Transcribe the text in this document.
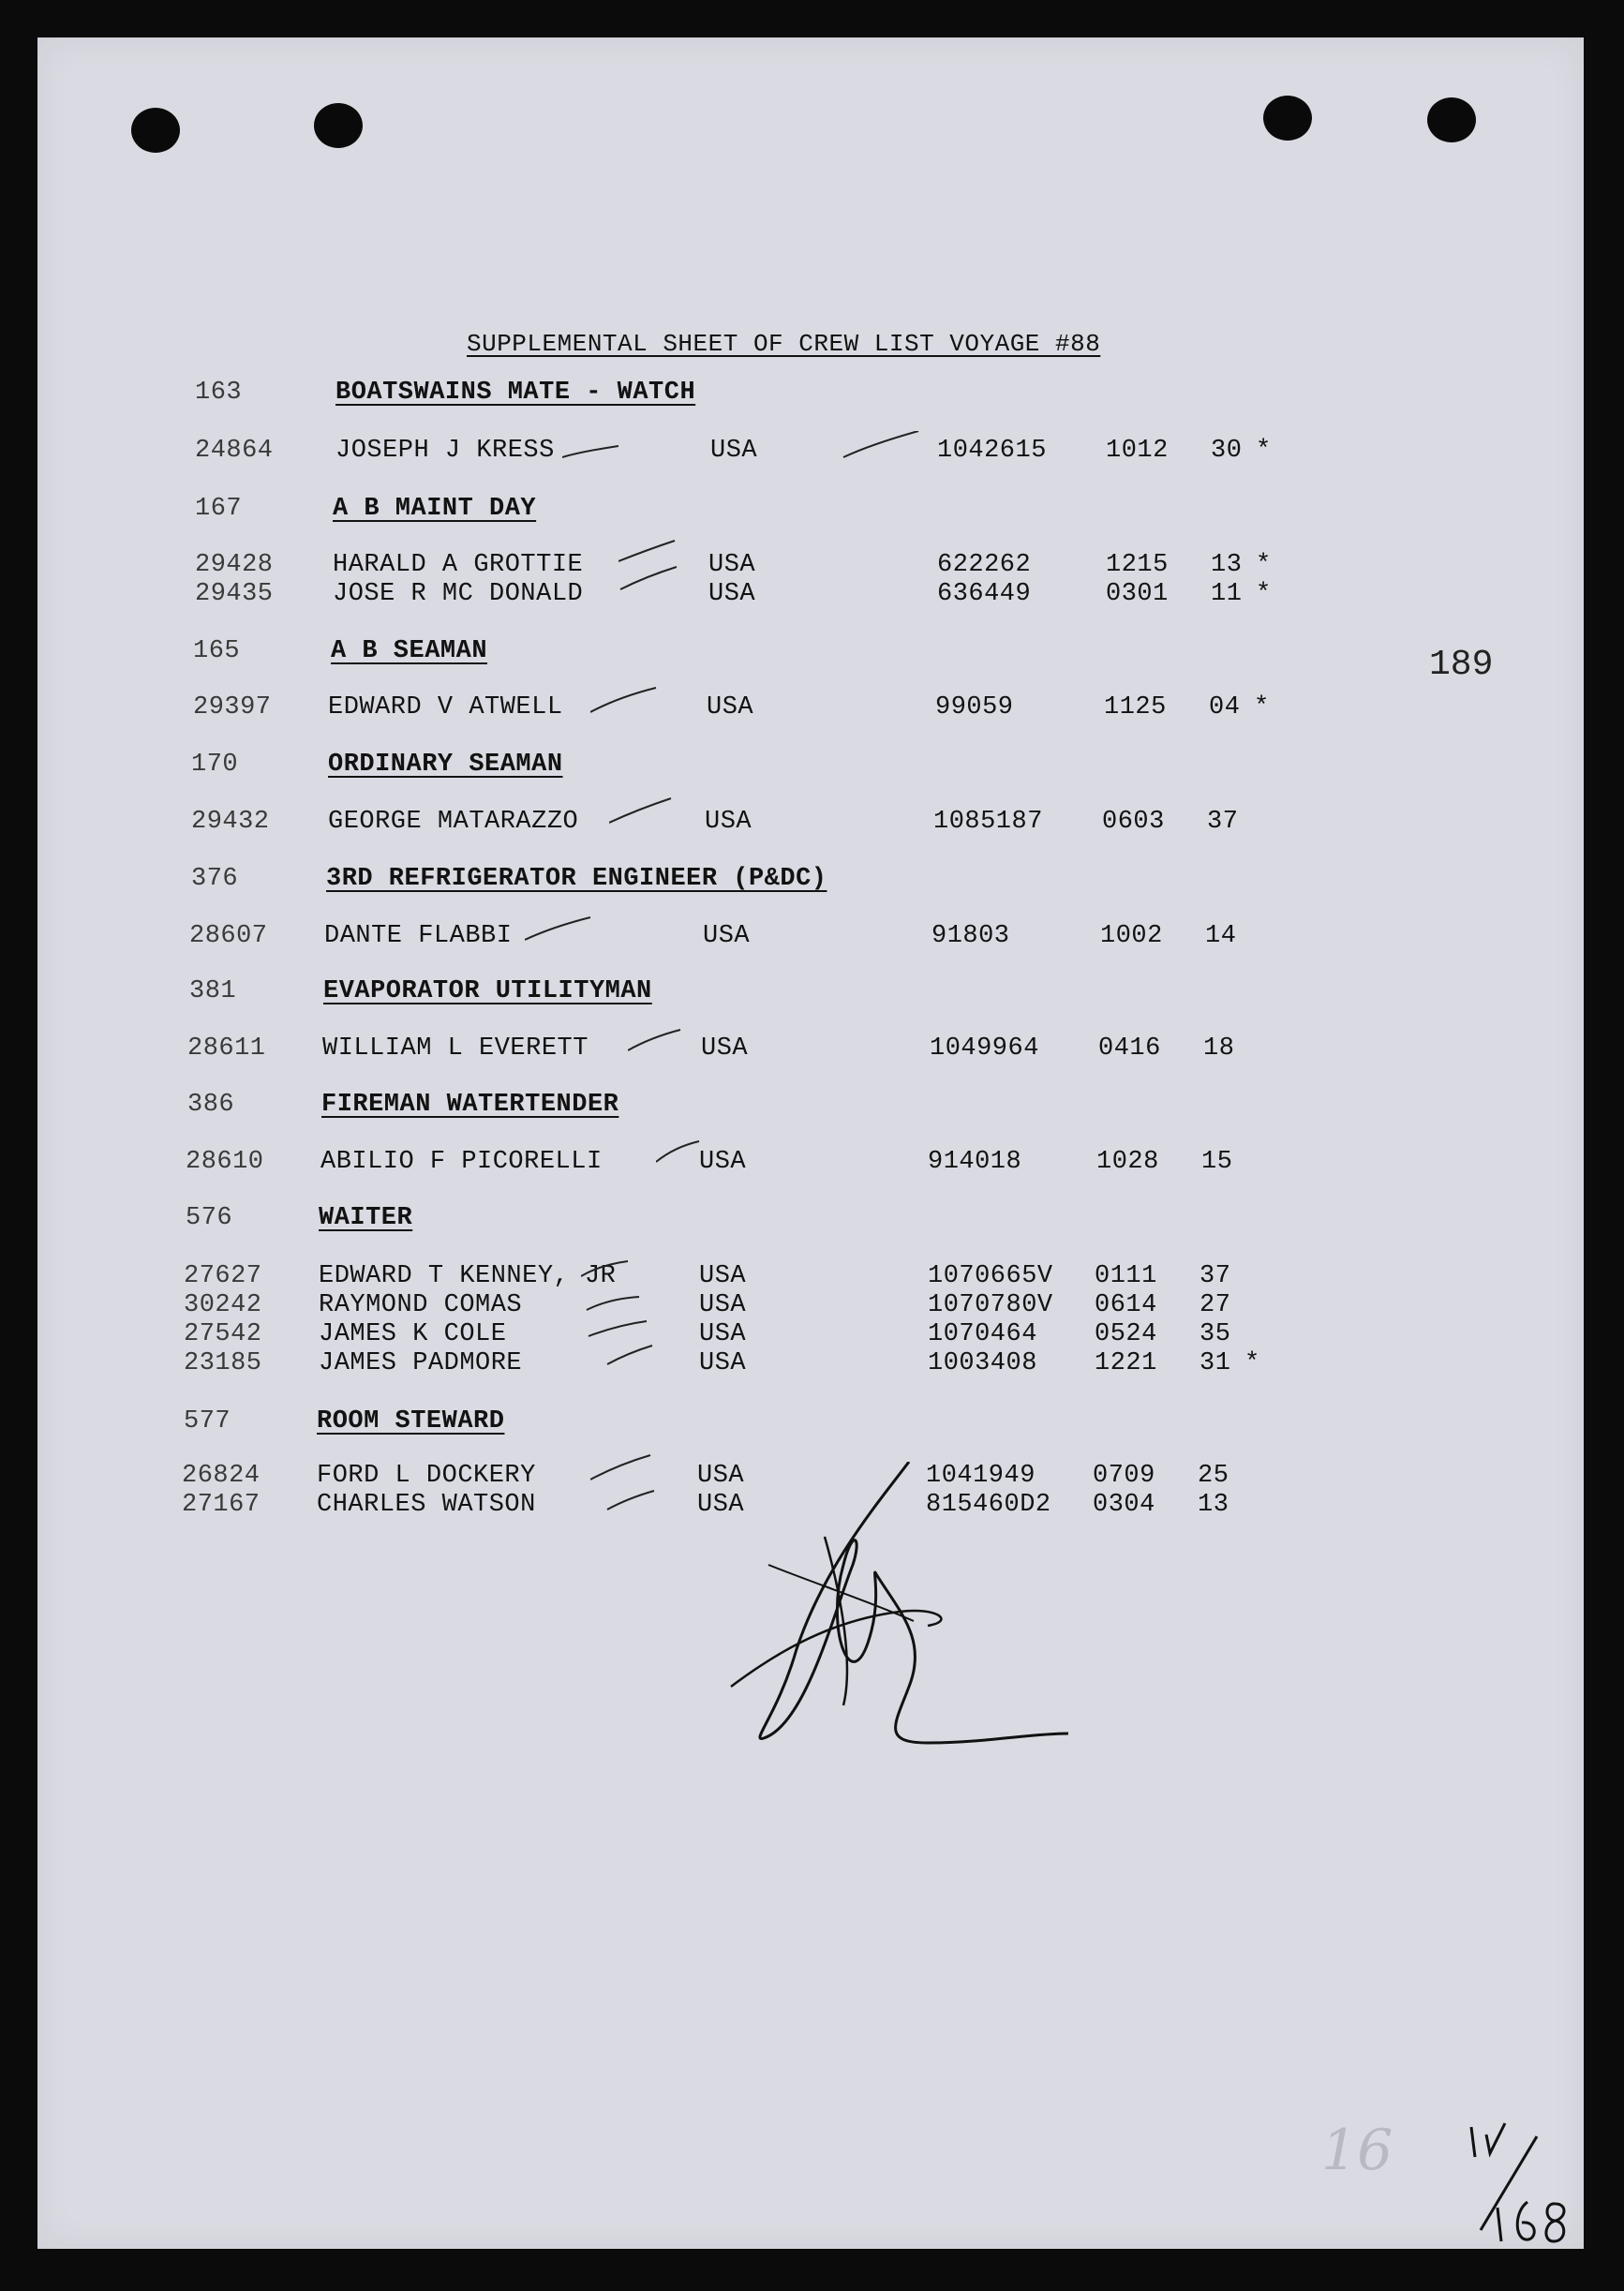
SUPPLEMENTAL SHEET OF CREW LIST VOYAGE #88
189
163	BOATSWAINS MATE - WATCH
24864 JOSEPH J KRESS	USA	1042615 1012 30 *
167	A B MAINT DAY
29428 HARALD A GROTTIE	USA	622262	1215 13 *
29435 JOSE R MC DONALD	USA	636449	0301 11 *
165	A B SEAMAN
29397 EDWARD V ATWELL	USA	99059	1125 04 *
170	ORDINARY SEAMAN
29432 GEORGE MATARAZZO	USA	1085187 0603 37
376	3RD REFRIGERATOR ENGINEER (P&DC)
28607 DANTE FLABBI	USA	91803	1002 14
381	EVAPORATOR UTILITYMAN
28611 WILLIAM L EVERETT	USA	1049964 0416 18
386	FIREMAN WATERTENDER
28610 ABILIO F PICORELLI	USA	914018	1028 15
576	WAITER
27627 EDWARD T KENNEY, JR	USA	1070665V 0111 37
30242 RAYMOND COMAS	USA	1070780V 0614 27
27542 JAMES K COLE	USA	1070464 0524 35
23185 JAMES PADMORE	USA	1003408 1221 31 *
577	ROOM STEWARD
26824 FORD L DOCKERY	USA	1041949 0709 25
27167 CHARLES WATSON	USA	815460D2 0304 13
16
